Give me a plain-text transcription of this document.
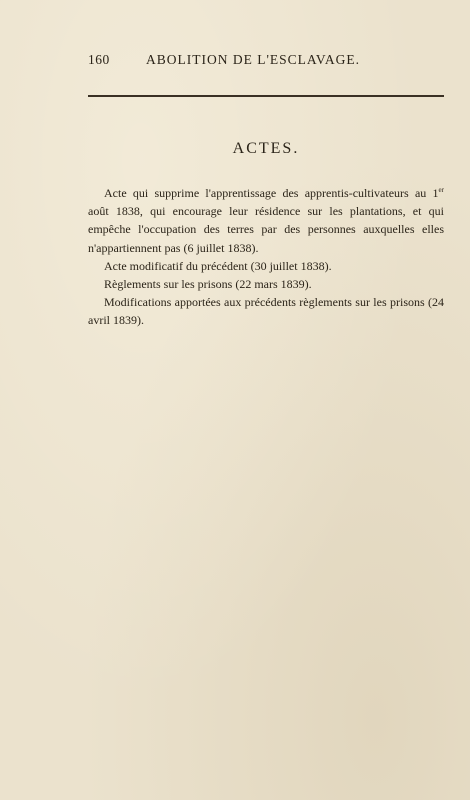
160	ABOLITION DE L'ESCLAVAGE.
ACTES.

Acte qui supprime l'apprentissage des apprentis-cultivateurs au 1er août 1838, qui encourage leur résidence sur les plantations, et qui empêche l'occupation des terres par des personnes auxquelles elles n'appartiennent pas (6 juillet 1838).

Acte modificatif du précédent (30 juillet 1838).

Règlements sur les prisons (22 mars 1839).

Modifications apportées aux précédents règlements sur les prisons (24 avril 1839).
